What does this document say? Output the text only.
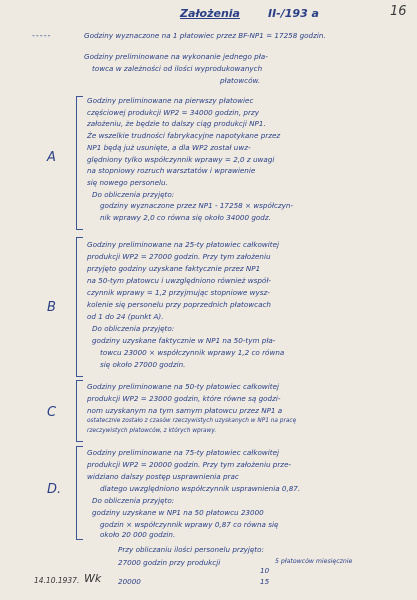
Założenia	II-/193 a	16
-----	Godziny wyznaczone na 1 płatowiec przez BF-NP1 = 17258 godzin.
Godziny preliminowane na wykonanie jednego pła-
towca w zależności od ilości wyprodukowanych
płatowców.
A
Godziny preliminowane na pierwszy płatowiec
częściowej produkcji WP2 = 34000 godzin, przy
założeniu, że będzie to dalszy ciąg produkcji NP1.
Że wszelkie trudności fabrykacyjne napotykane przez
NP1 będą już usunięte, a dla WP2 został uwz-
ględniony tylko współczynnik wprawy = 2,0 z uwagi
na stopniowy rozruch warsztatów i wprawienie
się nowego personelu.
Do obliczenia przyjęto:
godziny wyznaczone przez NP1 - 17258 × współczyn-
nik wprawy 2,0 co równa się około 34000 godz.
B
Godziny preliminowane na 25-ty płatowiec całkowitej
produkcji WP2 = 27000 godzin. Przy tym założeniu
przyjęto godziny uzyskane faktycznie przez NP1
na 50-tym płatowcu i uwzględniono również współ-
czynnik wprawy = 1,2 przyjmując stopniowe wysz-
kolenie się personelu przy poprzednich płatowcach
od 1 do 24 (punkt A).
Do obliczenia przyjęto:
godziny uzyskane faktycznie w NP1 na 50-tym pła-
towcu 23000 × współczynnik wprawy 1,2 co równa
się około 27000 godzin.
C
Godziny preliminowane na 50-ty płatowiec całkowitej
produkcji WP2 = 23000 godzin, które równe są godzi-
nom uzyskanym na tym samym płatowcu przez NP1 a
ostatecznie zostało z czasów rzeczywistych uzyskanych w NP1 na pracę
rzeczywistych płatowców, z których wprawy.
D.
Godziny preliminowane na 75-ty płatowiec całkowitej
produkcji WP2 = 20000 godzin. Przy tym założeniu prze-
widziano dalszy postęp usprawnienia prac
dlatego uwzględniono współczynnik usprawnienia 0,87.
Do obliczenia przyjęto:
godziny uzyskane w NP1 na 50 płatowcu 23000
godzin × współczynnik wprawy 0,87 co równa się
około 20 000 godzin.
Przy obliczaniu ilości personelu przyjęto:
27000 godzin przy produkcji	5 płatowców miesięcznie
10
20000	15
14.10.1937. Wk
